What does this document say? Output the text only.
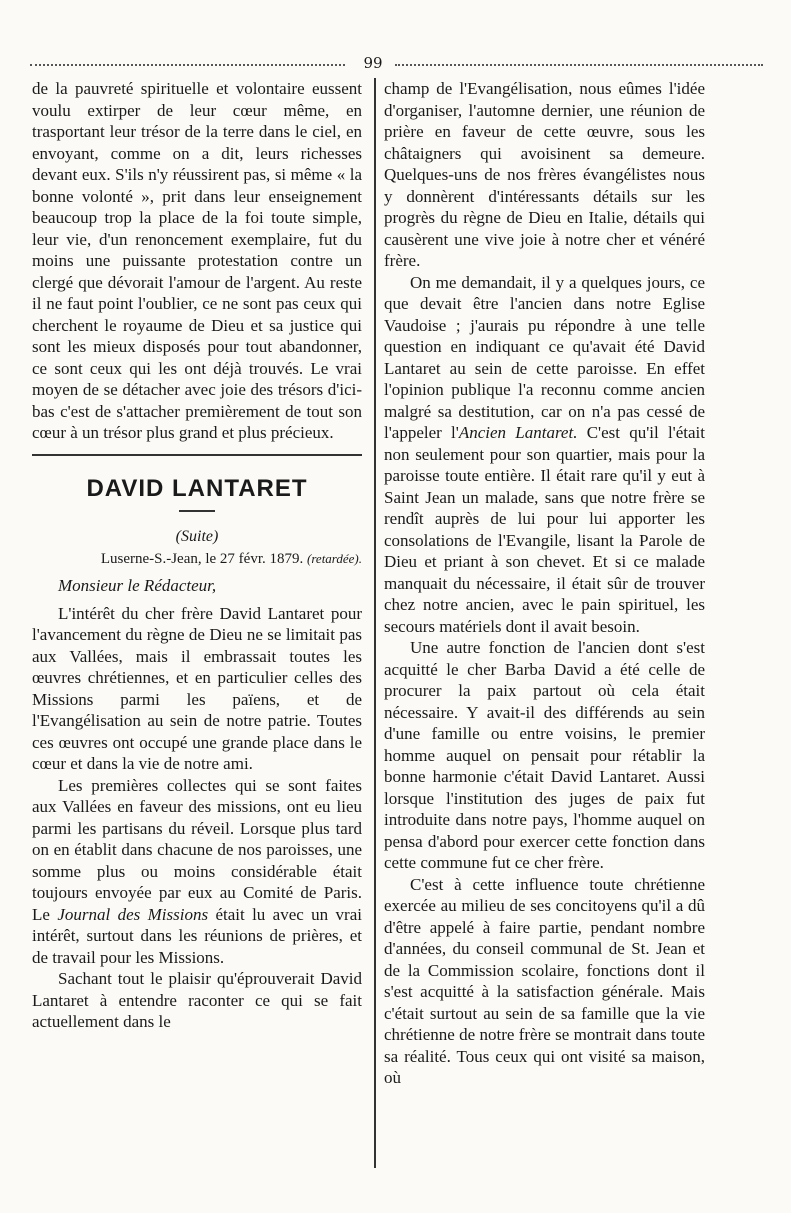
99

de la pauvreté spirituelle et volontaire eussent voulu extirper de leur cœur même, en trasportant leur trésor de la terre dans le ciel, en envoyant, comme on a dit, leurs richesses devant eux. S'ils n'y réussirent pas, si même « la bonne volonté », prit dans leur enseignement beaucoup trop la place de la foi toute simple, leur vie, d'un renoncement exemplaire, fut du moins une puissante protestation contre un clergé que dévorait l'amour de l'argent. Au reste il ne faut point l'oublier, ce ne sont pas ceux qui cherchent le royaume de Dieu et sa justice qui sont les mieux disposés pour tout abandonner, ce sont ceux qui les ont déjà trouvés. Le vrai moyen de se détacher avec joie des trésors d'ici-bas c'est de s'attacher premièrement de tout son cœur à un trésor plus grand et plus précieux.

DAVID LANTARET
(Suite)
Luserne-S.-Jean, le 27 févr. 1879. (retardée).
Monsieur le Rédacteur,

L'intérêt du cher frère David Lantaret pour l'avancement du règne de Dieu ne se limitait pas aux Vallées, mais il embrassait toutes les œuvres chrétiennes, et en particulier celles des Missions parmi les païens, et de l'Evangélisation au sein de notre patrie. Toutes ces œuvres ont occupé une grande place dans le cœur et dans la vie de notre ami.

Les premières collectes qui se sont faites aux Vallées en faveur des missions, ont eu lieu parmi les partisans du réveil. Lorsque plus tard on en établit dans chacune de nos paroisses, une somme plus ou moins considérable était toujours envoyée par eux au Comité de Paris. Le Journal des Missions était lu avec un vrai intérêt, surtout dans les réunions de prières, et de travail pour les Missions.

Sachant tout le plaisir qu'éprouverait David Lantaret à entendre raconter ce qui se fait actuellement dans le

champ de l'Evangélisation, nous eûmes l'idée d'organiser, l'automne dernier, une réunion de prière en faveur de cette œuvre, sous les châtaigners qui avoisinent sa demeure. Quelques-uns de nos frères évangélistes nous y donnèrent d'intéressants détails sur les progrès du règne de Dieu en Italie, détails qui causèrent une vive joie à notre cher et vénéré frère.

On me demandait, il y a quelques jours, ce que devait être l'ancien dans notre Eglise Vaudoise ; j'aurais pu répondre à une telle question en indiquant ce qu'avait été David Lantaret au sein de cette paroisse. En effet l'opinion publique l'a reconnu comme ancien malgré sa destitution, car on n'a pas cessé de l'appeler l'Ancien Lantaret. C'est qu'il l'était non seulement pour son quartier, mais pour la paroisse toute entière. Il était rare qu'il y eut à Saint Jean un malade, sans que notre frère se rendît auprès de lui pour lui apporter les consolations de l'Evangile, lisant la Parole de Dieu et priant à son chevet. Et si ce malade manquait du nécessaire, il était sûr de trouver chez notre ancien, avec le pain spirituel, les secours matériels dont il avait besoin.

Une autre fonction de l'ancien dont s'est acquitté le cher Barba David a été celle de procurer la paix partout où cela était nécessaire. Y avait-il des différends au sein d'une famille ou entre voisins, le premier homme auquel on pensait pour rétablir la bonne harmonie c'était David Lantaret. Aussi lorsque l'institution des juges de paix fut introduite dans notre pays, l'homme auquel on pensa d'abord pour exercer cette fonction dans cette commune fut ce cher frère.

C'est à cette influence toute chrétienne exercée au milieu de ses concitoyens qu'il a dû d'être appelé à faire partie, pendant nombre d'années, du conseil communal de St. Jean et de la Commission scolaire, fonctions dont il s'est acquitté à la satisfaction générale. Mais c'était surtout au sein de sa famille que la vie chrétienne de notre frère se montrait dans toute sa réalité. Tous ceux qui ont visité sa maison, où
